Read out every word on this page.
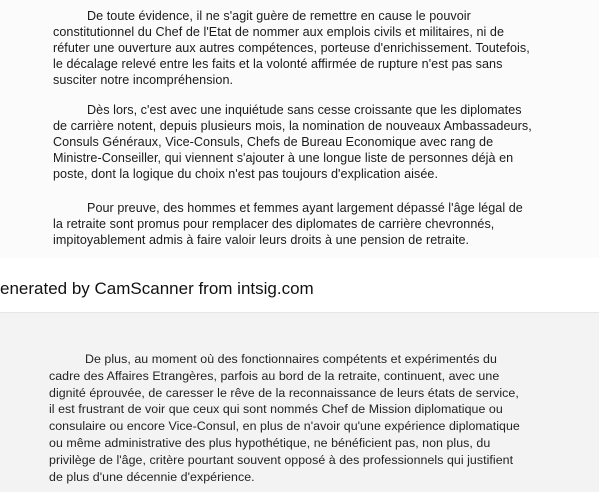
De toute évidence, il ne s'agit guère de remettre en cause le pouvoir
constitutionnel du Chef de l'Etat de nommer aux emplois civils et militaires, ni de
réfuter une ouverture aux autres compétences, porteuse d'enrichissement. Toutefois,
le décalage relevé entre les faits et la volonté affirmée de rupture n'est pas sans
susciter notre incompréhension.
Dès lors, c'est avec une inquiétude sans cesse croissante que les diplomates
de carrière notent, depuis plusieurs mois, la nomination de nouveaux Ambassadeurs,
Consuls Généraux, Vice-Consuls, Chefs de Bureau Economique avec rang de
Ministre-Conseiller, qui viennent s'ajouter à une longue liste de personnes déjà en
poste, dont la logique du choix n'est pas toujours d'explication aisée.
Pour preuve, des hommes et femmes ayant largement dépassé l'âge légal de
la retraite sont promus pour remplacer des diplomates de carrière chevronnés,
impitoyablement admis à faire valoir leurs droits à une pension de retraite.
enerated by CamScanner from intsig.com
De plus, au moment où des fonctionnaires compétents et expérimentés du
cadre des Affaires Etrangères, parfois au bord de la retraite, continuent, avec une
dignité éprouvée, de caresser le rêve de la reconnaissance de leurs états de service,
il est frustrant de voir que ceux qui sont nommés Chef de Mission diplomatique ou
consulaire ou encore Vice-Consul, en plus de n'avoir qu'une expérience diplomatique
ou même administrative des plus hypothétique, ne bénéficient pas, non plus, du
privilège de l'âge, critère pourtant souvent opposé à des professionnels qui justifient
de plus d'une décennie d'expérience.
